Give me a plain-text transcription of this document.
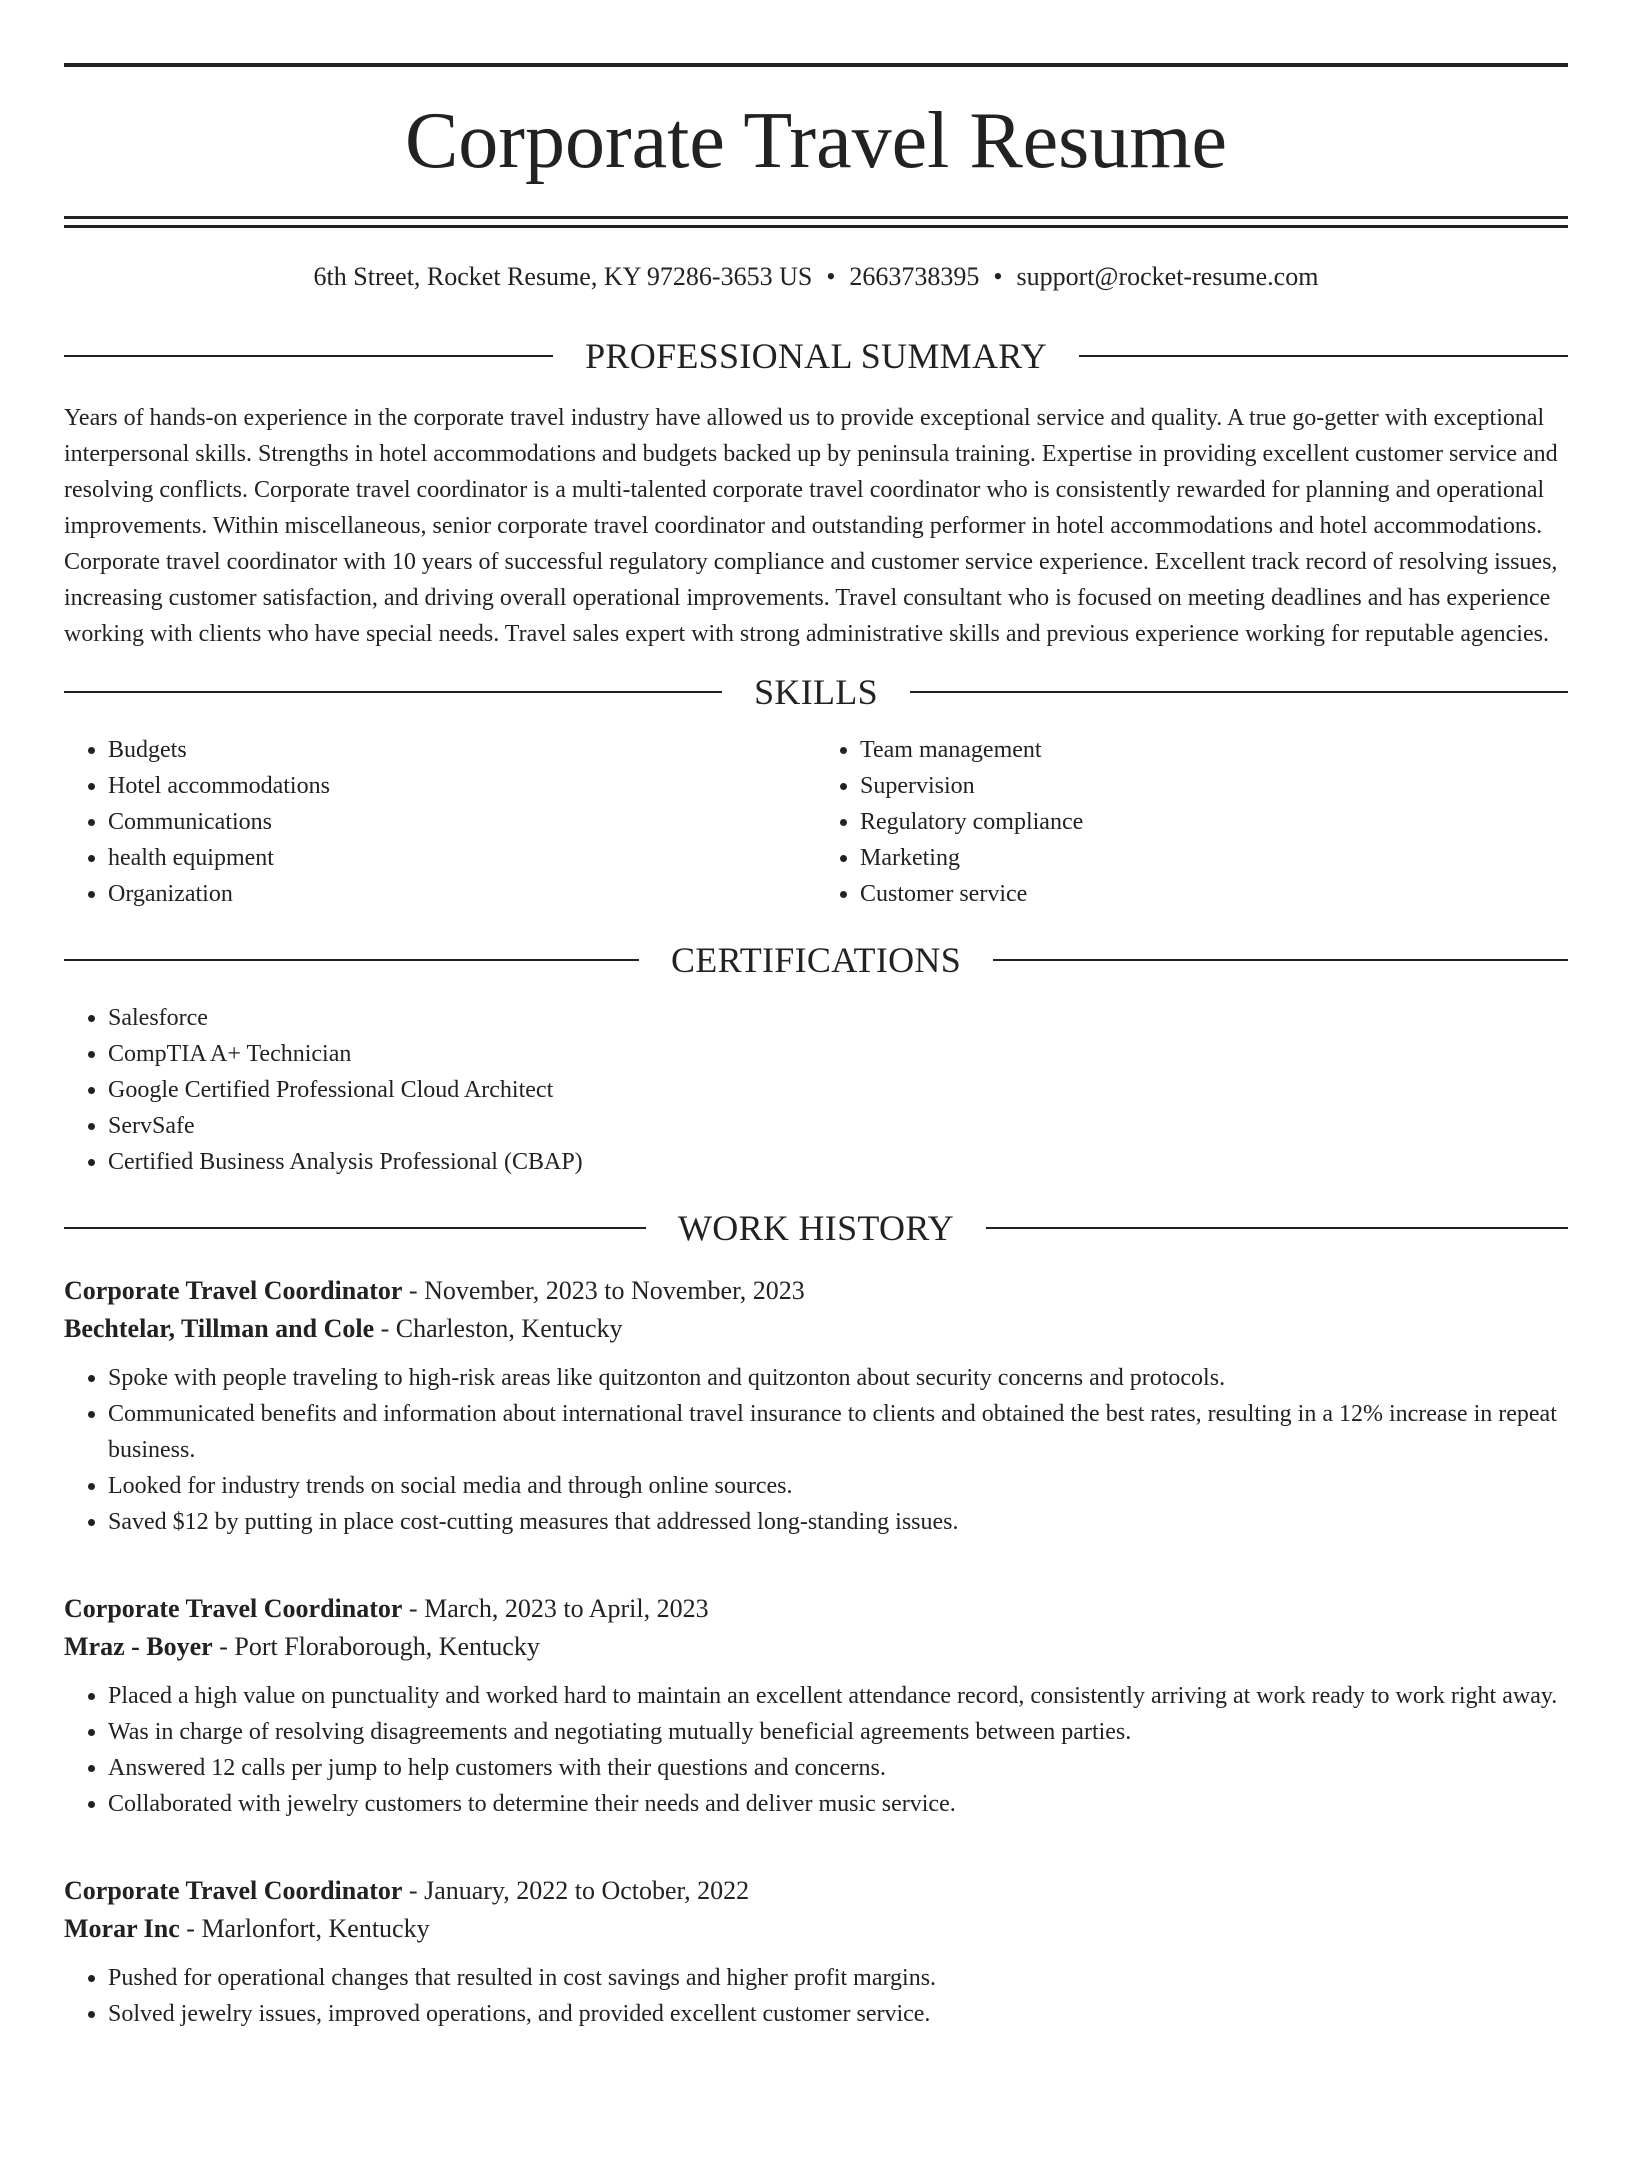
Corporate Travel Resume
6th Street, Rocket Resume, KY 97286-3653 US • 2663738395 • support@rocket-resume.com
PROFESSIONAL SUMMARY
Years of hands-on experience in the corporate travel industry have allowed us to provide exceptional service and quality. A true go-getter with exceptional interpersonal skills. Strengths in hotel accommodations and budgets backed up by peninsula training. Expertise in providing excellent customer service and resolving conflicts. Corporate travel coordinator is a multi-talented corporate travel coordinator who is consistently rewarded for planning and operational improvements. Within miscellaneous, senior corporate travel coordinator and outstanding performer in hotel accommodations and hotel accommodations. Corporate travel coordinator with 10 years of successful regulatory compliance and customer service experience. Excellent track record of resolving issues, increasing customer satisfaction, and driving overall operational improvements. Travel consultant who is focused on meeting deadlines and has experience working with clients who have special needs. Travel sales expert with strong administrative skills and previous experience working for reputable agencies.
SKILLS
• Budgets
• Hotel accommodations
• Communications
• health equipment
• Organization
• Team management
• Supervision
• Regulatory compliance
• Marketing
• Customer service
CERTIFICATIONS
• Salesforce
• CompTIA A+ Technician
• Google Certified Professional Cloud Architect
• ServSafe
• Certified Business Analysis Professional (CBAP)
WORK HISTORY
Corporate Travel Coordinator - November, 2023 to November, 2023
Bechtelar, Tillman and Cole - Charleston, Kentucky
• Spoke with people traveling to high-risk areas like quitzonton and quitzonton about security concerns and protocols.
• Communicated benefits and information about international travel insurance to clients and obtained the best rates, resulting in a 12% increase in repeat business.
• Looked for industry trends on social media and through online sources.
• Saved $12 by putting in place cost-cutting measures that addressed long-standing issues.
Corporate Travel Coordinator - March, 2023 to April, 2023
Mraz - Boyer - Port Floraborough, Kentucky
• Placed a high value on punctuality and worked hard to maintain an excellent attendance record, consistently arriving at work ready to work right away.
• Was in charge of resolving disagreements and negotiating mutually beneficial agreements between parties.
• Answered 12 calls per jump to help customers with their questions and concerns.
• Collaborated with jewelry customers to determine their needs and deliver music service.
Corporate Travel Coordinator - January, 2022 to October, 2022
Morar Inc - Marlonfort, Kentucky
• Pushed for operational changes that resulted in cost savings and higher profit margins.
• Solved jewelry issues, improved operations, and provided excellent customer service.
